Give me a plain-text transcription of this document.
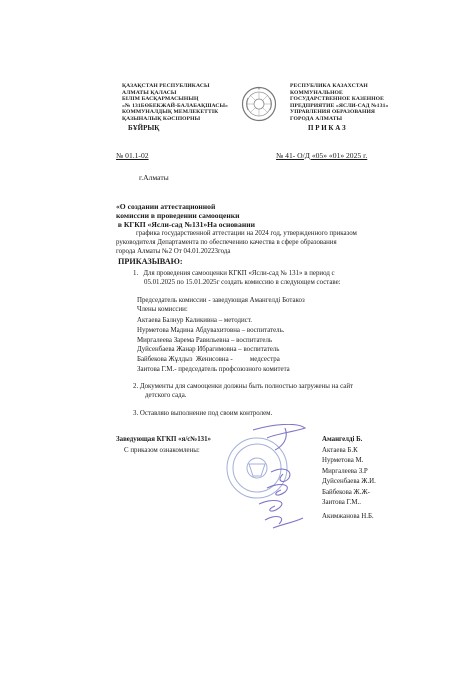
ҚАЗАҚСТАН РЕСПУБЛИКАСЫ
АЛМАТЫ ҚАЛАСЫ
БІЛІМ БАСҚАРМАСЫНЫҢ
«№ 131БӨБЕКЖАЙ-БАЛАБАҚШАСЫ»
КОММУНАЛДЫҚ МЕМЛЕКЕТТІК
ҚАЗЫНАЛЫҚ КӘСІПОРНЫ
РЕСПУБЛИКА КАЗАХСТАН
КОММУНАЛЬНОЕ
ГОСУДАРСТВЕННОЕ КАЗЕННОЕ
ПРЕДПРИЯТИЕ «ЯСЛИ-САД №131»
УПРАВЛЕНИЯ ОБРАЗОВАНИЯ
ГОРОДА АЛМАТЫ
БҰЙРЫҚ	П Р И К А З
№ 01.1-02	№ 41- О/Д «05» «01» 2025 г.
г.Алматы
«О создании аттестационной
комиссии в проведении самооценки
в КГКП «Ясли-сад №131»На основании
графика государственной аттестации на 2024 год, утвержденного приказом
руководителя Департамента по обеспечению качества в сфере образования
города Алматы №2 От 04.01.20223года
ПРИКАЗЫВАЮ:
1.   Для проведения самооценки КГКП «Ясли-сад № 131» в период с
05.01.2025 по 15.01.2025г создать комиссию в следующем составе:
Председатель комиссии - заведующая Амангелді Ботакоз
Члены комиссии:
Актаева Балнур Каликивна – методист.
Нурметова Мадина Абдувахитовна – воспитатель.
Миргалеева Зарема Равильевна – воспитатель
Дуйсенбаева Жанар Ибрагимовна – воспитатель
Байбекова Жұлдыз  Женисовна -          медсестра
Заитова Г.М.- председатель профсоюзного комитета
2. Документы для самооценки должны быть полностью загружены на сайт
детского сада.
3. Оставляю выполнение под своим контролем.
Заведующая КГКП «я/с№131»	Амангелді Б.
С приказом ознакомлены:	Актаева Б.К
Нурметова М.
Миргалеева З.Р
Дуйсенбаева Ж.И.
Байбекова Ж.Ж-
Заитова Г.М..
Акимжанова Н.Б.
